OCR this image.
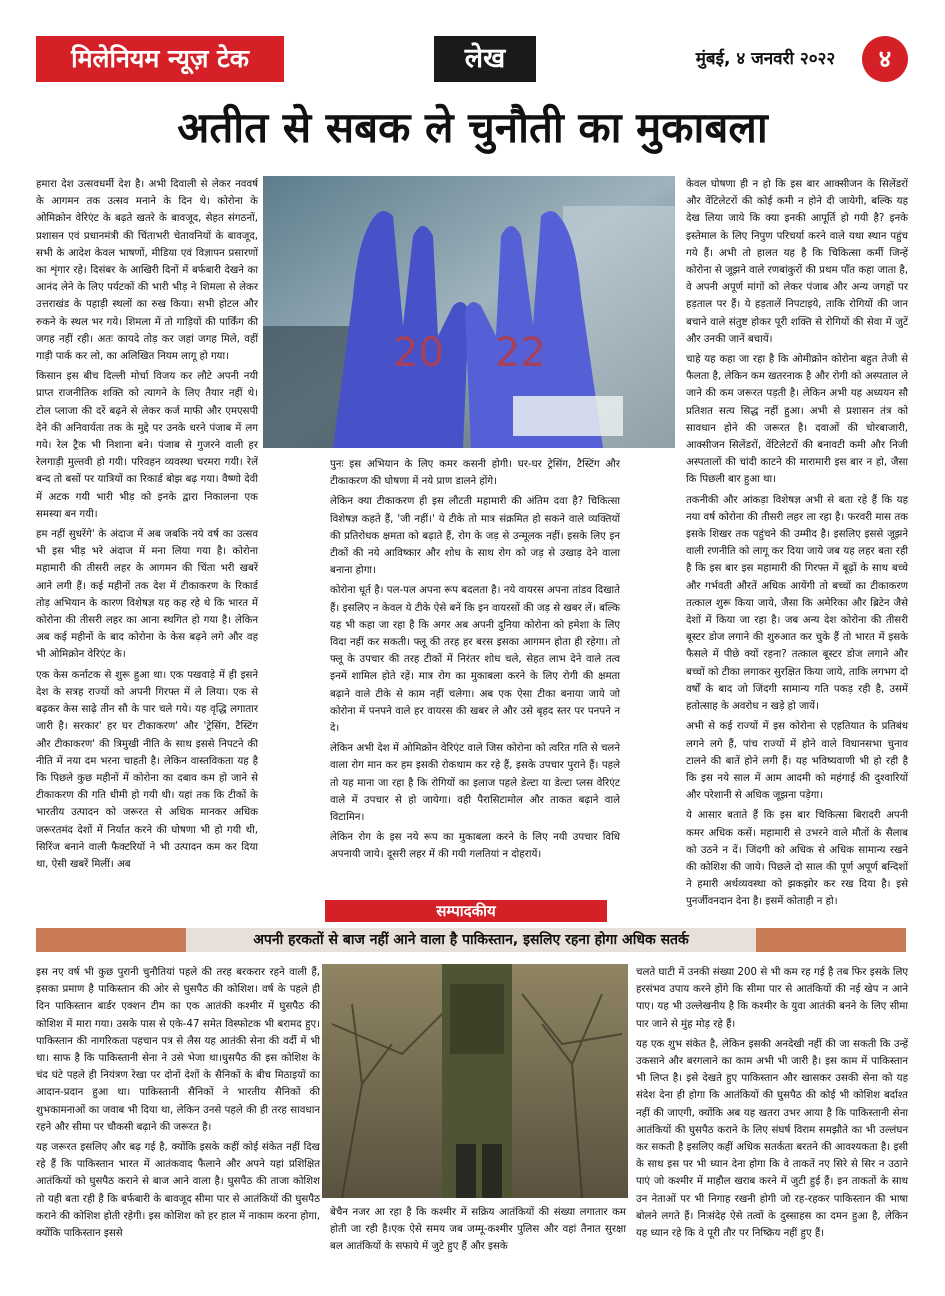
मिलेनियम न्यूज़ टेक	लेख	मुंबई, ४ जनवरी २०२२	४
अतीत से सबक ले चुनौती का मुकाबला

हमारा देश उत्सवधर्मी देश है। अभी दिवाली से लेकर नववर्ष के आगमन तक उत्सव मनाने के दिन थे। कोरोना के ओमिक्रोन वेरिएंट के बढ़ते खतरे के बावजूद, सेहत संगठनों, प्रशासन एवं प्रधानमंत्री की चिंताभरी चेतावनियों के बावजूद, सभी के आदेश केवल भाषणों, मीडिया एवं विज्ञापन प्रसारणों का शृंगार रहे। दिसंबर के आखिरी दिनों में बर्फबारी देखने का आनंद लेने के लिए पर्यटकों की भारी भीड़ ने शिमला से लेकर उत्तराखंड के पहाड़ी स्थलों का रुख किया। सभी होटल और रुकने के स्थल भर गये। शिमला में तो गाड़ियों की पार्किंग की जगह नहीं रही। अतः कायदे तोड़ कर जहां जगह मिले, वहीं गाड़ी पार्क कर लो, का अलिखित नियम लागू हो गया।

किसान इस बीच दिल्ली मोर्चा विजय कर लौटे अपनी नयी प्राप्त राजनीतिक शक्ति को त्यागने के लिए तैयार नहीं थे। टोल प्लाजा की दरें बढ़ने से लेकर कर्ज माफी और एमएसपी देने की अनिवार्यता तक के मुद्दे पर उनके धरने पंजाब में लग गये। रेल ट्रैक भी निशाना बने। पंजाब से गुजरने वाली हर रेलगाड़ी मुल्तवी हो गयी। परिवहन व्यवस्था चरमरा गयी। रेलें बन्द तो बसों पर यात्रियों का रिकार्ड बोझ बढ़ गया। वैष्णो देवी में अटक गयी भारी भीड़ को इनके द्वारा निकालना एक समस्या बन गयी।

हम नहीं सुधरेंगे' के अंदाज में अब जबकि नये वर्ष का उत्सव भी इस भीड़ भरे अंदाज में मना लिया गया है। कोरोना महामारी की तीसरी लहर के आगमन की चिंता भरी खबरें आने लगी हैं। कई महीनों तक देश में टीकाकरण के रिकार्ड तोड़ अभियान के कारण विशेषज्ञ यह कह रहे थे कि भारत में कोरोना की तीसरी लहर का आना स्थगित हो गया है। लेकिन अब कई महीनों के बाद कोरोना के केस बढ़ने लगे और वह भी ओमिक्रोन वेरिएंट के।

एक केस कर्नाटक से शुरू हुआ था। एक पखवाड़े में ही इसने देश के सत्रह राज्यों को अपनी गिरफ्त में ले लिया। एक से बढ़कर केस साढ़े तीन सौ के पार चले गये। यह वृद्धि लगातार जारी है। सरकार' हर घर टीकाकरण' और 'ट्रेसिंग, टैस्टिंग और टीकाकरण' की त्रिमुखी नीति के साथ इससे निपटने की नीति में नया दम भरना चाहती है। लेकिन वास्तविकता यह है कि पिछले कुछ महीनों में कोरोना का दबाव कम हो जाने से टीकाकरण की गति धीमी हो गयी थी। यहां तक कि टीकों के भारतीय उत्पादन को जरूरत से अधिक मानकर अधिक जरूरतमंद देशों में निर्यात करने की घोषणा भी हो गयी थी, सिरिंज बनाने वाली फैक्टरियों ने भी उत्पादन कम कर दिया था, ऐसी खबरें मिलीं। अब

20 22

पुनः इस अभियान के लिए कमर कसनी होगी। घर-घर ट्रेसिंग, टैस्टिंग और टीकाकरण की घोषणा में नये प्राण डालने होंगे।

लेकिन क्या टीकाकरण ही इस लौटती महामारी की अंतिम दवा है? चिकित्सा विशेषज्ञ कहते हैं, 'जी नहीं।' ये टीके तो मात्र संक्रमित हो सकने वाले व्यक्तियों की प्रतिरोधक क्षमता को बढ़ाते हैं, रोग के जड़ से उन्मूलक नहीं। इसके लिए इन टीकों की नये आविष्कार और शोध के साथ रोग को जड़ से उखाड़ देने वाला बनाना होगा।

कोरोना धूर्त है। पल-पल अपना रूप बदलता है। नये वायरस अपना तांडव दिखाते हैं। इसलिए न केवल ये टीके ऐसे बनें कि इन वायरसों की जड़ से खबर लें। बल्कि यह भी कहा जा रहा है कि अगर अब अपनी दुनिया कोरोना को हमेशा के लिए विदा नहीं कर सकती। फ्लू की तरह हर बरस इसका आगमन होता ही रहेगा। तो फ्लू के उपचार की तरह टीकों में निरंतर शोध चले, सेहत लाभ देने वाले तत्व इनमें शामिल होते रहें। मात्र रोग का मुकाबला करने के लिए रोगी की क्षमता बढ़ाने वाले टीके से काम नहीं चलेगा। अब एक ऐसा टीका बनाया जाये जो कोरोना में पनपने वाले हर वायरस की खबर ले और उसे बृहद स्तर पर पनपने न दे।

लेकिन अभी देश में ओमिक्रोन वेरिएंट वाले जिस कोरोना को त्वरित गति से चलने वाला रोग मान कर हम इसकी रोकथाम कर रहे हैं, इसके उपचार पुराने हैं। पहले तो यह माना जा रहा है कि रोगियों का इलाज पहले डेल्टा या डेल्टा प्लस वेरिएंट वाले में उपचार से हो जायेगा। वही पैरासिटामोल और ताकत बढ़ाने वाले विटामिन।

लेकिन रोग के इस नये रूप का मुकाबला करने के लिए नयी उपचार विधि अपनायी जाये। दूसरी लहर में की गयी गलतियां न दोहरायें।

केवल घोषणा ही न हो कि इस बार आक्सीजन के सिलेंडरों और वेंटिलेटरों की कोई कमी न होने दी जायेगी, बल्कि यह देख लिया जाये कि क्या इनकी आपूर्ति हो गयी है? इनके इस्तेमाल के लिए निपुण परिचर्या करने वाले यथा स्थान पहुंच गये हैं। अभी तो हालत यह है कि चिकित्सा कर्मी जिन्हें कोरोना से जूझने वाले रणबांकुरों की प्रथम पाँत कहा जाता है, वे अपनी अपूर्ण मांगों को लेकर पंजाब और अन्य जगहों पर हड़ताल पर हैं। ये हड़तालें निपटाइये, ताकि रोगियों की जान बचाने वाले संतुष्ट होकर पूरी शक्ति से रोगियों की सेवा में जुटें और उनकी जानें बचायें।

चाहे यह कहा जा रहा है कि ओमीक्रोन कोरोना बहुत तेजी से फैलता है, लेकिन कम खतरनाक है और रोगी को अस्पताल ले जाने की कम जरूरत पड़ती है। लेकिन अभी यह अध्ययन सौ प्रतिशत सत्य सिद्ध नहीं हुआ। अभी से प्रशासन तंत्र को सावधान होने की जरूरत है। दवाओं की चोरबाजारी, आक्सीजन सिलेंडरों, वेंटिलेटरों की बनावटी कमी और निजी अस्पतालों की चांदी काटने की मारामारी इस बार न हो, जैसा कि पिछली बार हुआ था।

तकनीकी और आंकड़ा विशेषज्ञ अभी से बता रहे हैं कि यह नया वर्ष कोरोना की तीसरी लहर ला रहा है। फरवरी मास तक इसके शिखर तक पहुंचने की उम्मीद है। इसलिए इससे जूझने वाली रणनीति को लागू कर दिया जाये जब यह लहर बता रही है कि इस बार इस महामारी की गिरफ्त में बूढ़ों के साथ बच्चे और गर्भवती औरतें अधिक आयेंगी तो बच्चों का टीकाकरण तत्काल शुरू किया जाये, जैसा कि अमेरिका और ब्रिटेन जैसे देशों में किया जा रहा है। जब अन्य देश कोरोना की तीसरी बूस्टर डोज लगाने की शुरुआत कर चुके हैं तो भारत में इसके फैसले में पीछे क्यों रहना? तत्काल बूस्टर डोज लगाने और बच्चों को टीका लगाकर सुरक्षित किया जाये, ताकि लगभग दो वर्षों के बाद जो जिंदगी सामान्य गति पकड़ रही है, उसमें हतोत्साह के अवरोध न खड़े हो जायें।

अभी से कई राज्यों में इस कोरोना से एहतियात के प्रतिबंध लगने लगे हैं, पांच राज्यों में होने वाले विधानसभा चुनाव टालने की बातें होने लगी हैं। यह भविष्यवाणी भी हो रही है कि इस नये साल में आम आदमी को महंगाई की दुश्वारियों और परेशानी से अधिक जूझना पड़ेगा।

ये आसार बताते हैं कि इस बार चिकित्सा बिरादरी अपनी कमर अधिक कसें। महामारी से उभरने वाले मौतों के सैलाब को उठने न दें। जिंदगी को अधिक से अधिक सामान्य रखने की कोशिश की जाये। पिछले दो साल की पूर्ण अपूर्ण बन्दिशों ने हमारी अर्थव्यवस्था को झकझोर कर रख दिया है। इसे पुनर्जीवनदान देना है। इसमें कोताही न हो।

सम्पादकीय
अपनी हरकतों से बाज नहीं आने वाला है पाकिस्तान, इसलिए रहना होगा अधिक सतर्क

इस नए वर्ष भी कुछ पुरानी चुनौतियां पहले की तरह बरकरार रहने वाली हैं, इसका प्रमाण है पाकिस्तान की ओर से घुसपैठ की कोशिश। वर्ष के पहले ही दिन पाकिस्तान बार्डर एक्शन टीम का एक आतंकी कश्मीर में घुसपैठ की कोशिश में मारा गया। उसके पास से एके-47 समेत विस्फोटक भी बरामद हुए। पाकिस्तान की नागरिकता पहचान पत्र से लैस यह आतंकी सेना की वर्दी में भी था। साफ है कि पाकिस्तानी सेना ने उसे भेजा था।घुसपैठ की इस कोशिश के चंद घंटे पहले ही नियंत्रण रेखा पर दोनों देशों के सैनिकों के बीच मिठाइयों का आदान-प्रदान हुआ था। पाकिस्तानी सैनिकों ने भारतीय सैनिकों की शुभकामनाओं का जवाब भी दिया था, लेकिन उनसे पहले की ही तरह सावधान रहने और सीमा पर चौकसी बढ़ाने की जरूरत है।

यह जरूरत इसलिए और बढ़ गई है, क्योंकि इसके कहीं कोई संकेत नहीं दिख रहे हैं कि पाकिस्तान भारत में आतंकवाद फैलाने और अपने यहां प्रशिक्षित आतंकियों को घुसपैठ कराने से बाज आने वाला है। घुसपैठ की ताजा कोशिश तो यही बता रही है कि बर्फबारी के बावजूद सीमा पार से आतंकियों की घुसपैठ कराने की कोशिश होती रहेगी। इस कोशिश को हर हाल में नाकाम करना होगा, क्योंकि पाकिस्तान इससे

बेचैन नजर आ रहा है कि कश्मीर में सक्रिय आतंकियों की संख्या लगातार कम होती जा रही है।एक ऐसे समय जब जम्मू-कश्मीर पुलिस और वहां तैनात सुरक्षा बल आतंकियों के सफाये में जुटे हुए हैं और इसके

चलते घाटी में उनकी संख्या 200 से भी कम रह गई है तब फिर इसके लिए हरसंभव उपाय करने होंगे कि सीमा पार से आतंकियों की नई खेप न आने पाए। यह भी उल्लेखनीय है कि कश्मीर के युवा आतंकी बनने के लिए सीमा पार जाने से मुंह मोड़ रहे हैं।

यह एक शुभ संकेत है, लेकिन इसकी अनदेखी नहीं की जा सकती कि उन्हें उकसाने और बरगलाने का काम अभी भी जारी है। इस काम में पाकिस्तान भी लिप्त है। इसे देखते हुए पाकिस्तान और खासकर उसकी सेना को यह संदेश देना ही होगा कि आतंकियों की घुसपैठ की कोई भी कोशिश बर्दाश्त नहीं की जाएगी, क्योंकि अब यह खतरा उभर आया है कि पाकिस्तानी सेना आतंकियों की घुसपैठ कराने के लिए संघर्ष विराम समझौते का भी उल्लंघन कर सकती है इसलिए कहीं अधिक सतर्कता बरतने की आवश्यकता है। इसी के साथ इस पर भी ध्यान देना होगा कि वे ताकतें नए सिरे से सिर न उठाने पाएं जो कश्मीर में माहौल खराब करने में जुटी हुई हैं। इन ताकतों के साथ उन नेताओं पर भी निगाह रखनी होगी जो रह-रहकर पाकिस्तान की भाषा बोलने लगते हैं। निःसंदेह ऐसे तत्वों के दुस्साहस का दमन हुआ है, लेकिन यह ध्यान रहे कि वे पूरी तौर पर निष्क्रिय नहीं हुए हैं।
